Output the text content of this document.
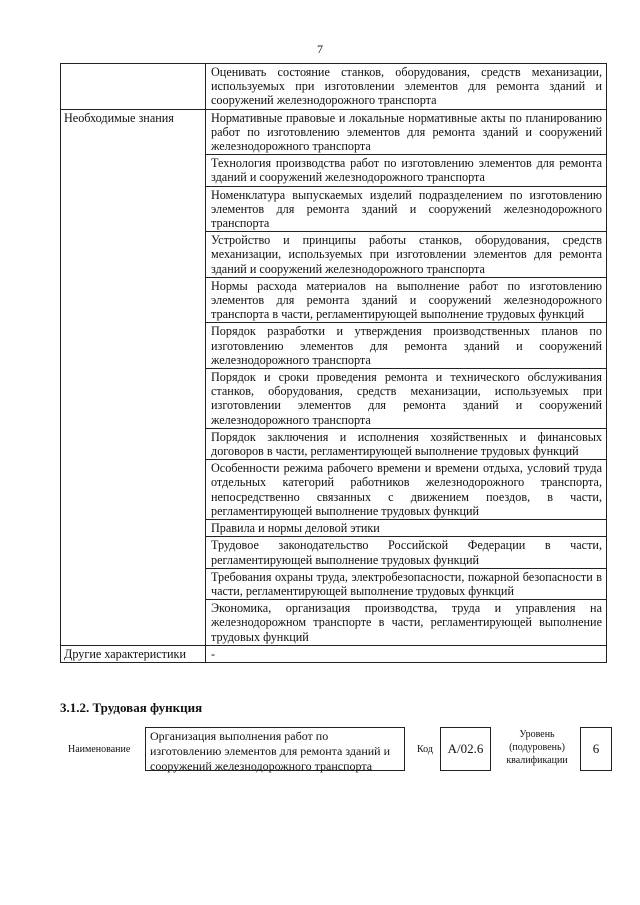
7
	Оценивать состояние станков, оборудования, средств механизации, используемых при изготовлении элементов для ремонта зданий и сооружений железнодорожного транспорта
Необходимые знания	Нормативные правовые и локальные нормативные акты по планированию работ по изготовлению элементов для ремонта зданий и сооружений железнодорожного транспорта
	Технология производства работ по изготовлению элементов для ремонта зданий и сооружений железнодорожного транспорта
	Номенклатура выпускаемых изделий подразделением по изготовлению элементов для ремонта зданий и сооружений железнодорожного транспорта
	Устройство и принципы работы станков, оборудования, средств механизации, используемых при изготовлении элементов для ремонта зданий и сооружений железнодорожного транспорта
	Нормы расхода материалов на выполнение работ по изготовлению элементов для ремонта зданий и сооружений железнодорожного транспорта в части, регламентирующей выполнение трудовых функций
	Порядок разработки и утверждения производственных планов по изготовлению элементов для ремонта зданий и сооружений железнодорожного транспорта
	Порядок и сроки проведения ремонта и технического обслуживания станков, оборудования, средств механизации, используемых при изготовлении элементов для ремонта зданий и сооружений железнодорожного транспорта
	Порядок заключения и исполнения хозяйственных и финансовых договоров в части, регламентирующей выполнение трудовых функций
	Особенности режима рабочего времени и времени отдыха, условий труда отдельных категорий работников железнодорожного транспорта, непосредственно связанных с движением поездов, в части, регламентирующей выполнение трудовых функций
	Правила и нормы деловой этики
	Трудовое законодательство Российской Федерации в части, регламентирующей выполнение трудовых функций
	Требования охраны труда, электробезопасности, пожарной безопасности в части, регламентирующей выполнение трудовых функций
	Экономика, организация производства, труда и управления на железнодорожном транспорте в части, регламентирующей выполнение трудовых функций
Другие характеристики	-
3.1.2. Трудовая функция
Наименование
Организация выполнения работ по изготовлению элементов для ремонта зданий и сооружений железнодорожного транспорта
Код	А/02.6
Уровень (подуровень) квалификации
6
